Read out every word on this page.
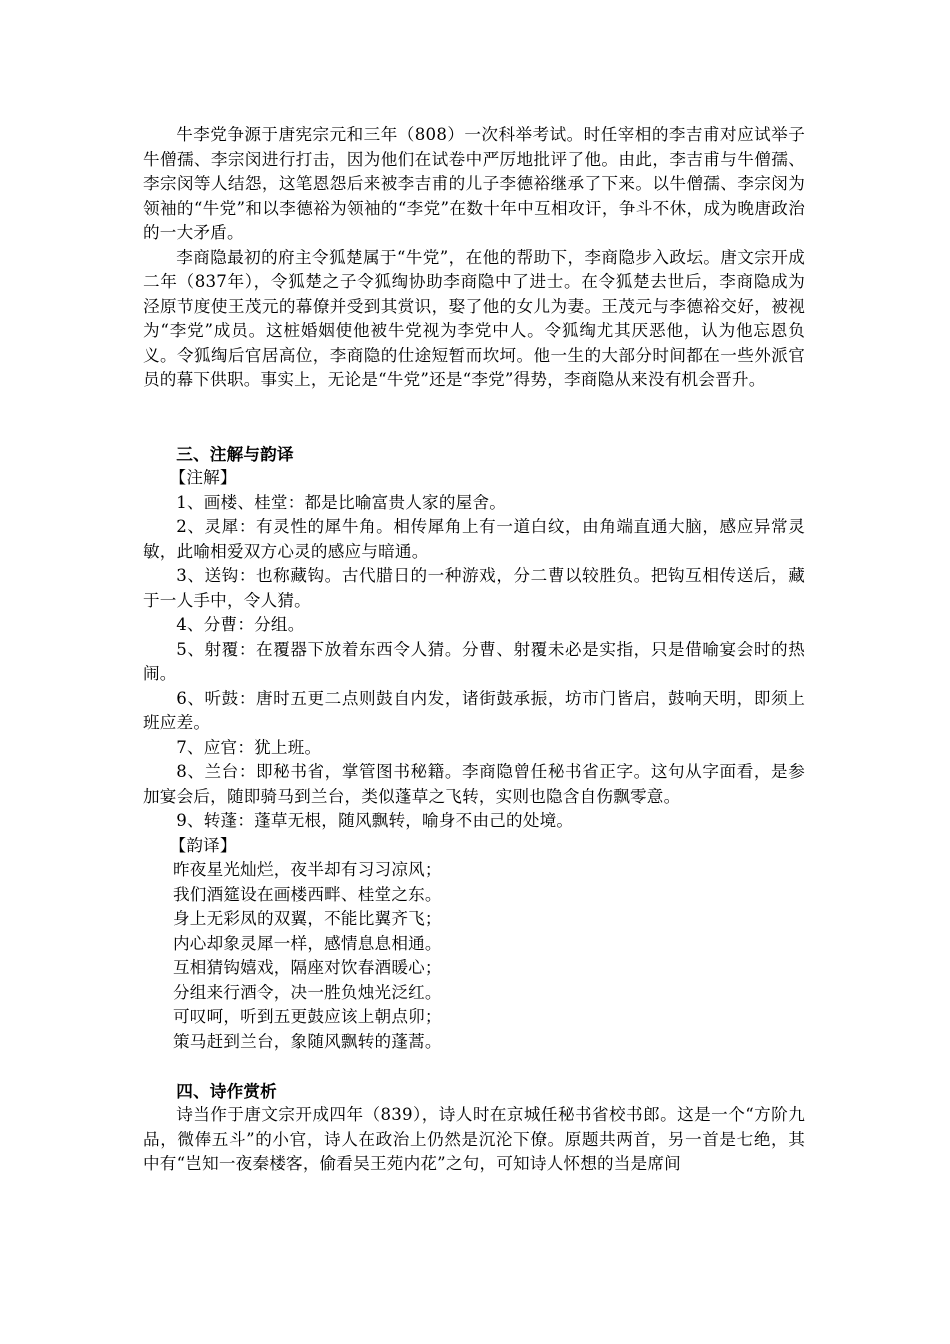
牛李党争源于唐宪宗元和三年（808）一次科举考试。时任宰相的李吉甫对应试举子牛僧孺、李宗闵进行打击，因为他们在试卷中严厉地批评了他。由此，李吉甫与牛僧孺、李宗闵等人结怨，这笔恩怨后来被李吉甫的儿子李德裕继承了下来。以牛僧孺、李宗闵为领袖的“牛党”和以李德裕为领袖的“李党”在数十年中互相攻讦，争斗不休，成为晚唐政治的一大矛盾。

李商隐最初的府主令狐楚属于“牛党”，在他的帮助下，李商隐步入政坛。唐文宗开成二年（837年），令狐楚之子令狐绹协助李商隐中了进士。在令狐楚去世后，李商隐成为泾原节度使王茂元的幕僚并受到其赏识，娶了他的女儿为妻。王茂元与李德裕交好，被视为“李党”成员。这桩婚姻使他被牛党视为李党中人。令狐绹尤其厌恶他，认为他忘恩负义。令狐绹后官居高位，李商隐的仕途短暂而坎坷。他一生的大部分时间都在一些外派官员的幕下供职。事实上，无论是“牛党”还是“李党”得势，李商隐从来没有机会晋升。

三、注解与韵译

【注解】

1、画楼、桂堂：都是比喻富贵人家的屋舍。

2、灵犀：有灵性的犀牛角。相传犀角上有一道白纹，由角端直通大脑，感应异常灵敏，此喻相爱双方心灵的感应与暗通。

3、送钩：也称藏钩。古代腊日的一种游戏，分二曹以较胜负。把钩互相传送后，藏于一人手中，令人猜。

4、分曹：分组。

5、射覆：在覆器下放着东西令人猜。分曹、射覆未必是实指，只是借喻宴会时的热闹。

6、听鼓：唐时五更二点则鼓自内发，诸街鼓承振，坊市门皆启，鼓响天明，即须上班应差。

7、应官：犹上班。

8、兰台：即秘书省，掌管图书秘籍。李商隐曾任秘书省正字。这句从字面看，是参加宴会后，随即骑马到兰台，类似蓬草之飞转，实则也隐含自伤飘零意。

9、转蓬：蓬草无根，随风飘转，喻身不由己的处境。

【韵译】

昨夜星光灿烂，夜半却有习习凉风；

我们酒筵设在画楼西畔、桂堂之东。

身上无彩凤的双翼，不能比翼齐飞；

内心却象灵犀一样，感情息息相通。

互相猜钩嬉戏，隔座对饮春酒暖心；

分组来行酒令，决一胜负烛光泛红。

可叹呵，听到五更鼓应该上朝点卯；

策马赶到兰台，象随风飘转的蓬蒿。

四、诗作赏析

诗当作于唐文宗开成四年（839），诗人时在京城任秘书省校书郎。这是一个“方阶九品，微俸五斗”的小官，诗人在政治上仍然是沉沦下僚。原题共两首，另一首是七绝，其中有“岂知一夜秦楼客，偷看吴王苑内花”之句，可知诗人怀想的当是席间
